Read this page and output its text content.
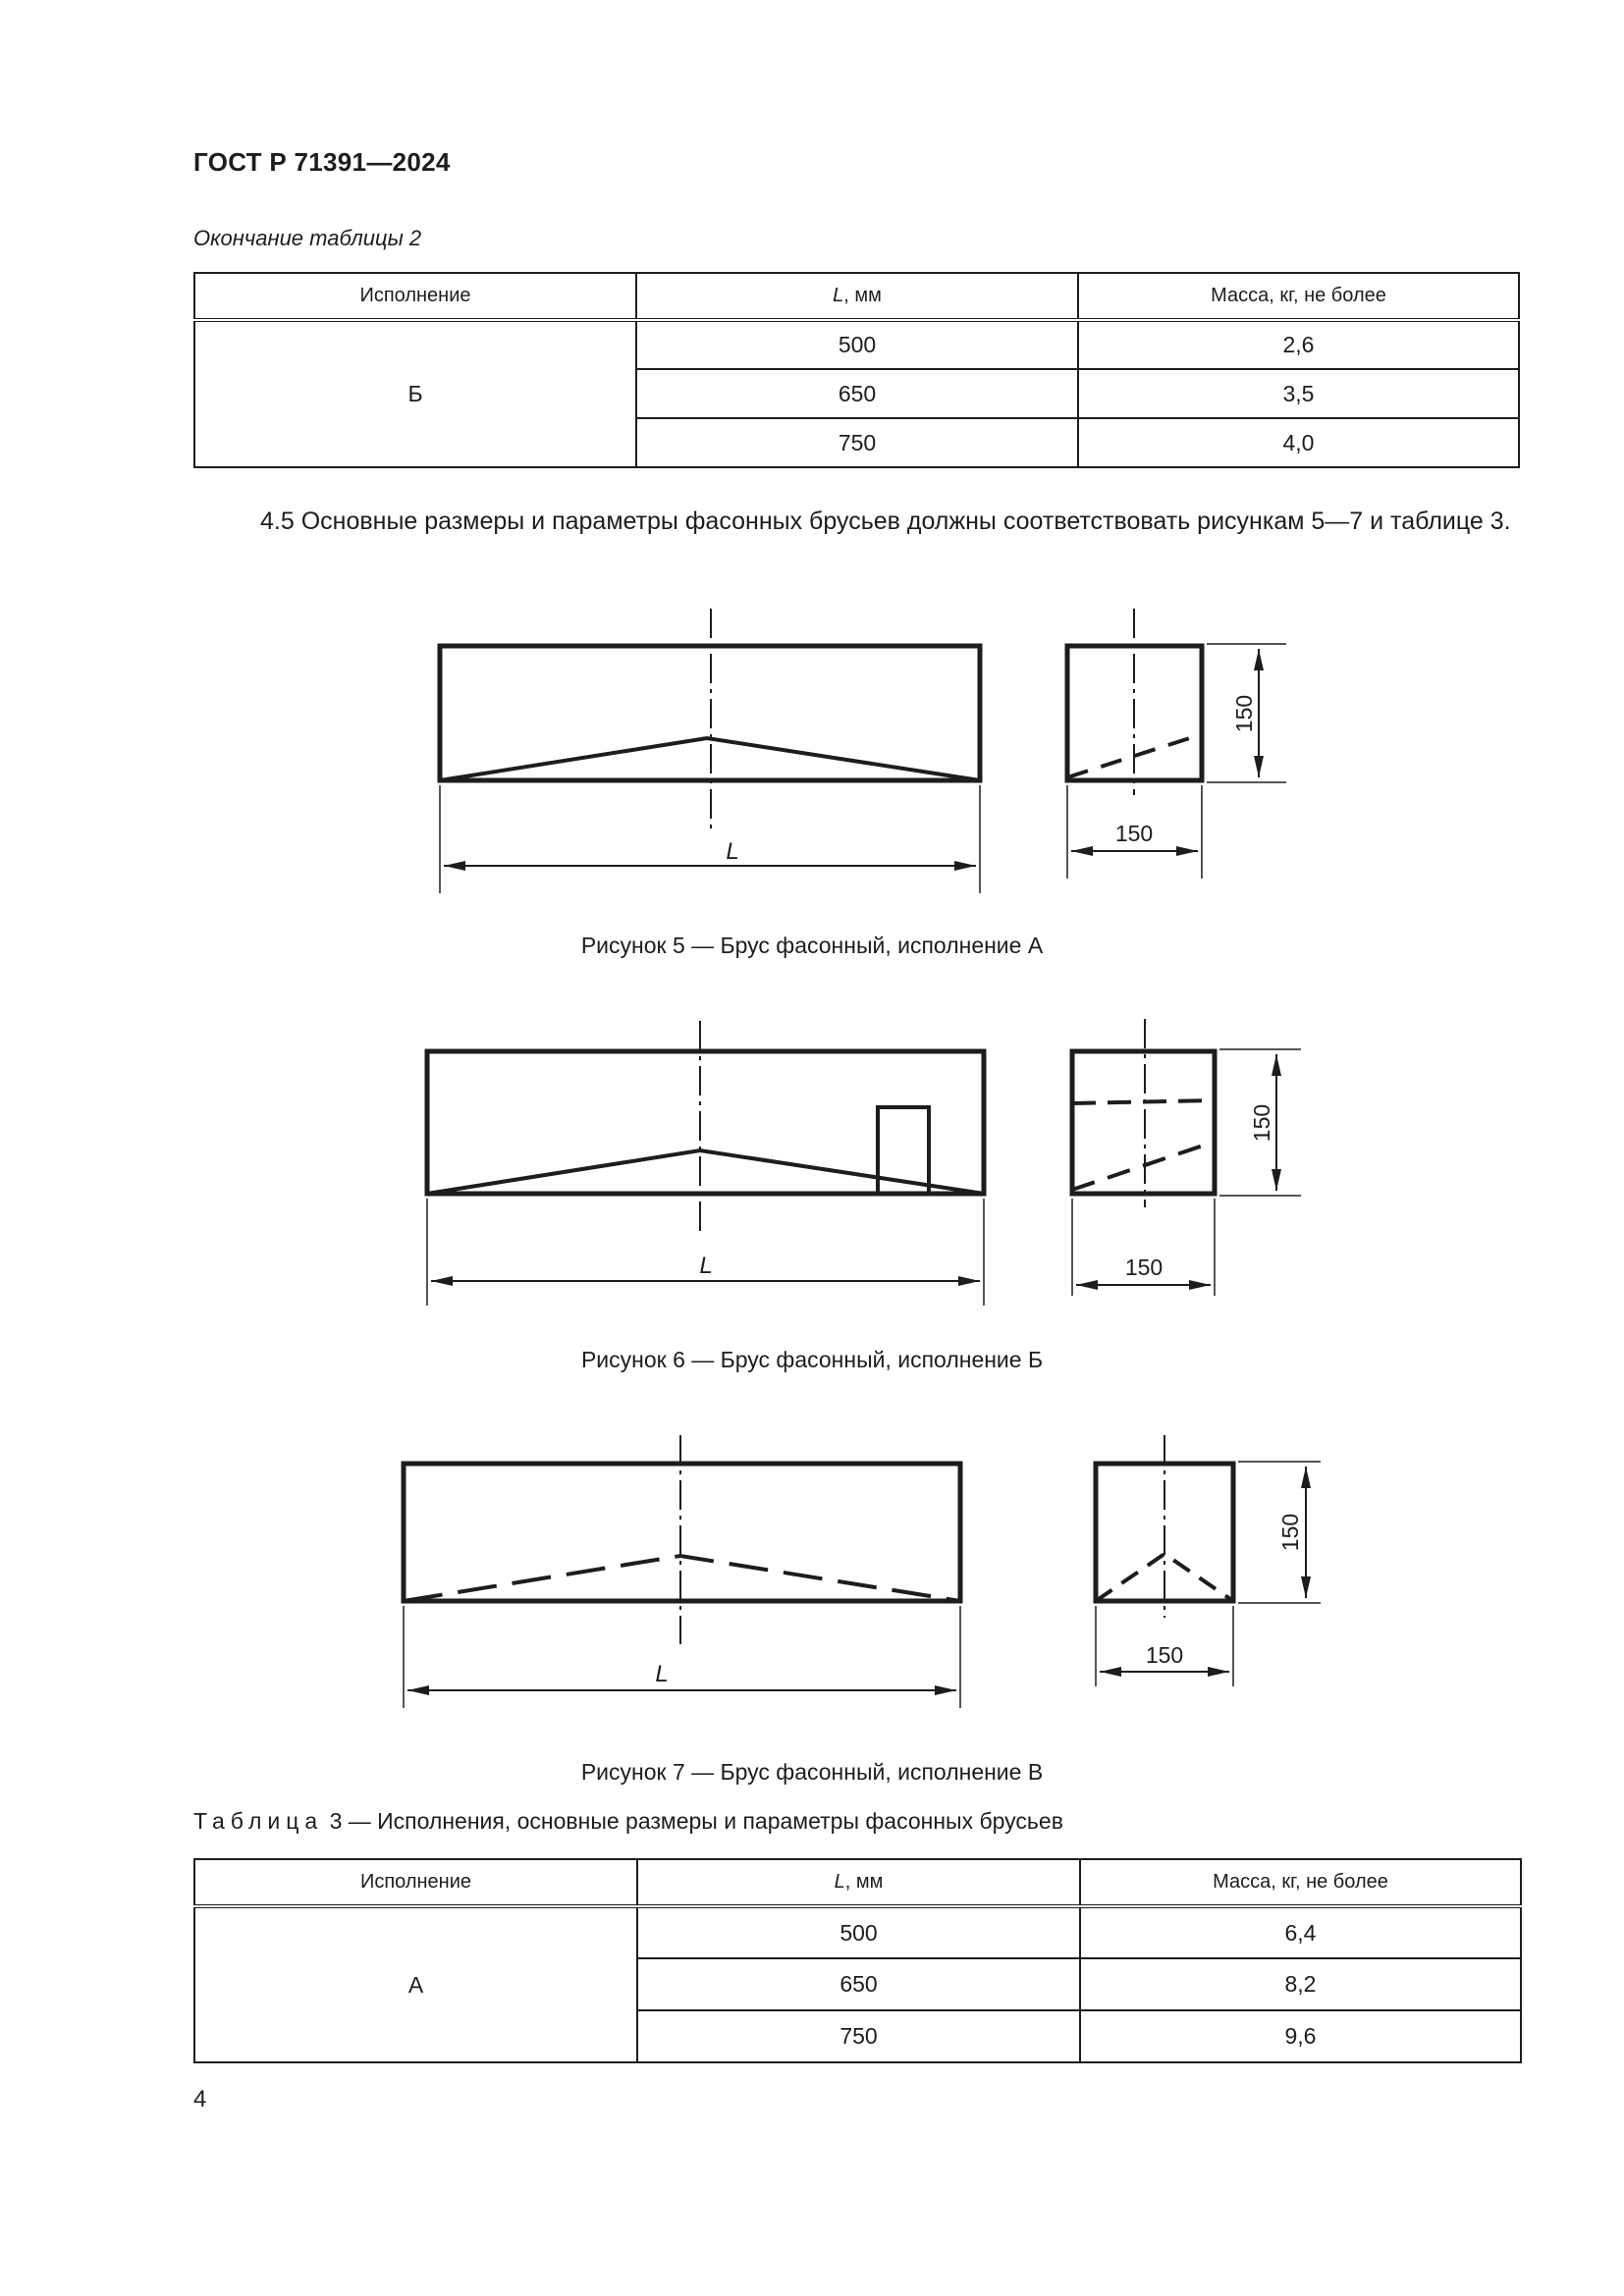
ГОСТ Р 71391—2024
Окончание таблицы 2
Исполнение	L, мм	Масса, кг, не более
Б	500	2,6
	650	3,5
	750	4,0
4.5 Основные размеры и параметры фасонных брусьев должны соответствовать рисункам 5—7 и таблице 3.
L
150
150
Рисунок 5 — Брус фасонный, исполнение А
L	150
150
Рисунок 6 — Брус фасонный, исполнение Б
L
150
150
Рисунок 7 — Брус фасонный, исполнение В
Таблица 3 — Исполнения, основные размеры и параметры фасонных брусьев
Исполнение	L, мм	Масса, кг, не более
А	500	6,4
	650	8,2
	750	9,6
4
